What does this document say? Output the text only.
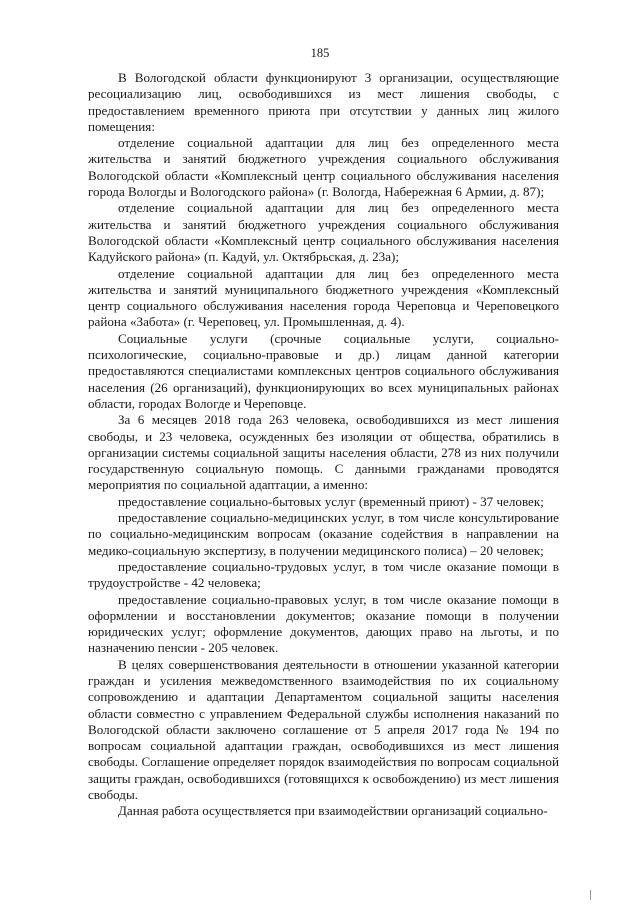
185

В Вологодской области функционируют 3 организации, осуществляющие ресоциализацию лиц, освободившихся из мест лишения свободы, с предоставлением временного приюта при отсутствии у данных лиц жилого помещения:

отделение социальной адаптации для лиц без определенного места жительства и занятий бюджетного учреждения социального обслуживания Вологодской области «Комплексный центр социального обслуживания населения города Вологды и Вологодского района» (г. Вологда, Набережная 6 Армии, д. 87);

отделение социальной адаптации для лиц без определенного места жительства и занятий бюджетного учреждения социального обслуживания Вологодской области «Комплексный центр социального обслуживания населения Кадуйского района» (п. Кадуй, ул. Октябрьская, д. 23а);

отделение социальной адаптации для лиц без определенного места жительства и занятий муниципального бюджетного учреждения «Комплексный центр социального обслуживания населения города Череповца и Череповецкого района «Забота» (г. Череповец, ул. Промышленная, д. 4).

Социальные услуги (срочные социальные услуги, социально-психологические, социально-правовые и др.) лицам данной категории предоставляются специалистами комплексных центров социального обслуживания населения (26 организаций), функционирующих во всех муниципальных районах области, городах Вологде и Череповце.

За 6 месяцев 2018 года 263 человека, освободившихся из мест лишения свободы, и 23 человека, осужденных без изоляции от общества, обратились в организации системы социальной защиты населения области, 278 из них получили государственную социальную помощь. С данными гражданами проводятся мероприятия по социальной адаптации, а именно:

предоставление социально-бытовых услуг (временный приют) - 37 человек;

предоставление социально-медицинских услуг, в том числе консультирование по социально-медицинским вопросам (оказание содействия в направлении на медико-социальную экспертизу, в получении медицинского полиса) – 20 человек;

предоставление социально-трудовых услуг, в том числе оказание помощи в трудоустройстве - 42 человека;

предоставление социально-правовых услуг, в том числе оказание помощи в оформлении и восстановлении документов; оказание помощи в получении юридических услуг; оформление документов, дающих право на льготы, и по назначению пенсии - 205 человек.

В целях совершенствования деятельности в отношении указанной категории граждан и усиления межведомственного взаимодействия по их социальному сопровождению и адаптации Департаментом социальной защиты населения области совместно с управлением Федеральной службы исполнения наказаний по Вологодской области заключено соглашение от 5 апреля 2017 года № 194 по вопросам социальной адаптации граждан, освободившихся из мест лишения свободы. Соглашение определяет порядок взаимодействия по вопросам социальной защиты граждан, освободившихся (готовящихся к освобождению) из мест лишения свободы.

Данная работа осуществляется при взаимодействии организаций социально-
